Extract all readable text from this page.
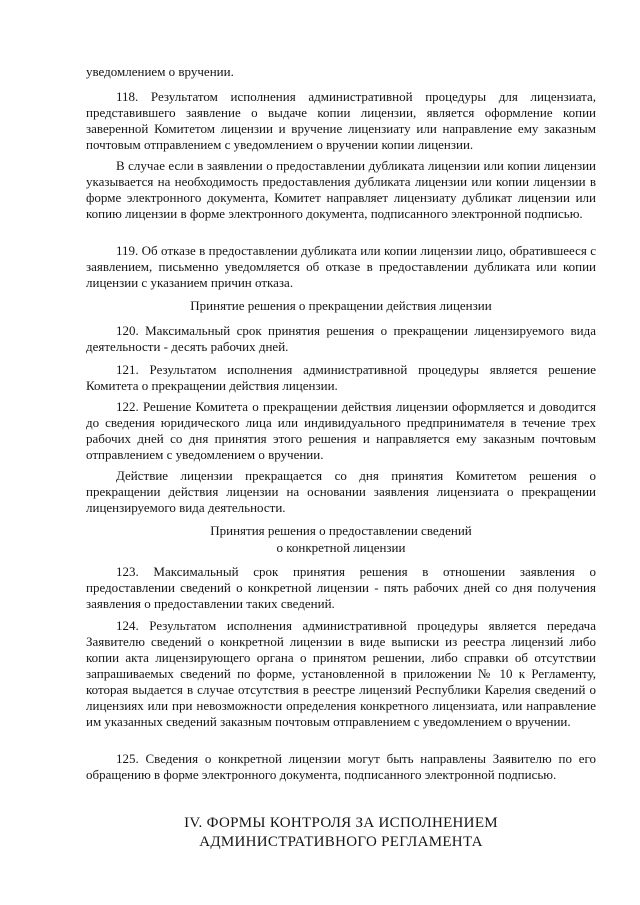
уведомлением о вручении.

118. Результатом исполнения административной процедуры для лицензиата, представившего заявление о выдаче копии лицензии, является оформление копии заверенной Комитетом лицензии и вручение лицензиату или направление ему заказным почтовым отправлением с уведомлением о вручении копии лицензии.

В случае если в заявлении о предоставлении дубликата лицензии или копии лицензии указывается на необходимость предоставления дубликата лицензии или копии лицензии в форме электронного документа, Комитет направляет лицензиату дубликат лицензии или копию лицензии в форме электронного документа, подписанного электронной подписью.

119. Об отказе в предоставлении дубликата или копии лицензии лицо, обратившееся с заявлением, письменно уведомляется об отказе в предоставлении дубликата или копии лицензии с указанием причин отказа.

Принятие решения о прекращении действия лицензии

120. Максимальный срок принятия решения о прекращении лицензируемого вида деятельности - десять рабочих дней.

121. Результатом исполнения административной процедуры является решение Комитета о прекращении действия лицензии.

122. Решение Комитета о прекращении действия лицензии оформляется и доводится до сведения юридического лица или индивидуального предпринимателя в течение трех рабочих дней со дня принятия этого решения и направляется ему заказным почтовым отправлением с уведомлением о вручении.

Действие лицензии прекращается со дня принятия Комитетом решения о прекращении действия лицензии на основании заявления лицензиата о прекращении лицензируемого вида деятельности.

Принятия решения о предоставлении сведений
о конкретной лицензии

123. Максимальный срок принятия решения в отношении заявления о предоставлении сведений о конкретной лицензии - пять рабочих дней со дня получения заявления о предоставлении таких сведений.

124. Результатом исполнения административной процедуры является передача Заявителю сведений о конкретной лицензии в виде выписки из реестра лицензий либо копии акта лицензирующего органа о принятом решении, либо справки об отсутствии запрашиваемых сведений по форме, установленной в приложении № 10 к Регламенту, которая выдается в случае отсутствия в реестре лицензий Республики Карелия сведений о лицензиях или при невозможности определения конкретного лицензиата, или направление им указанных сведений заказным почтовым отправлением с уведомлением о вручении.

125. Сведения о конкретной лицензии могут быть направлены Заявителю по его обращению в форме электронного документа, подписанного электронной подписью.

IV. ФОРМЫ КОНТРОЛЯ ЗА ИСПОЛНЕНИЕМ
АДМИНИСТРАТИВНОГО РЕГЛАМЕНТА
